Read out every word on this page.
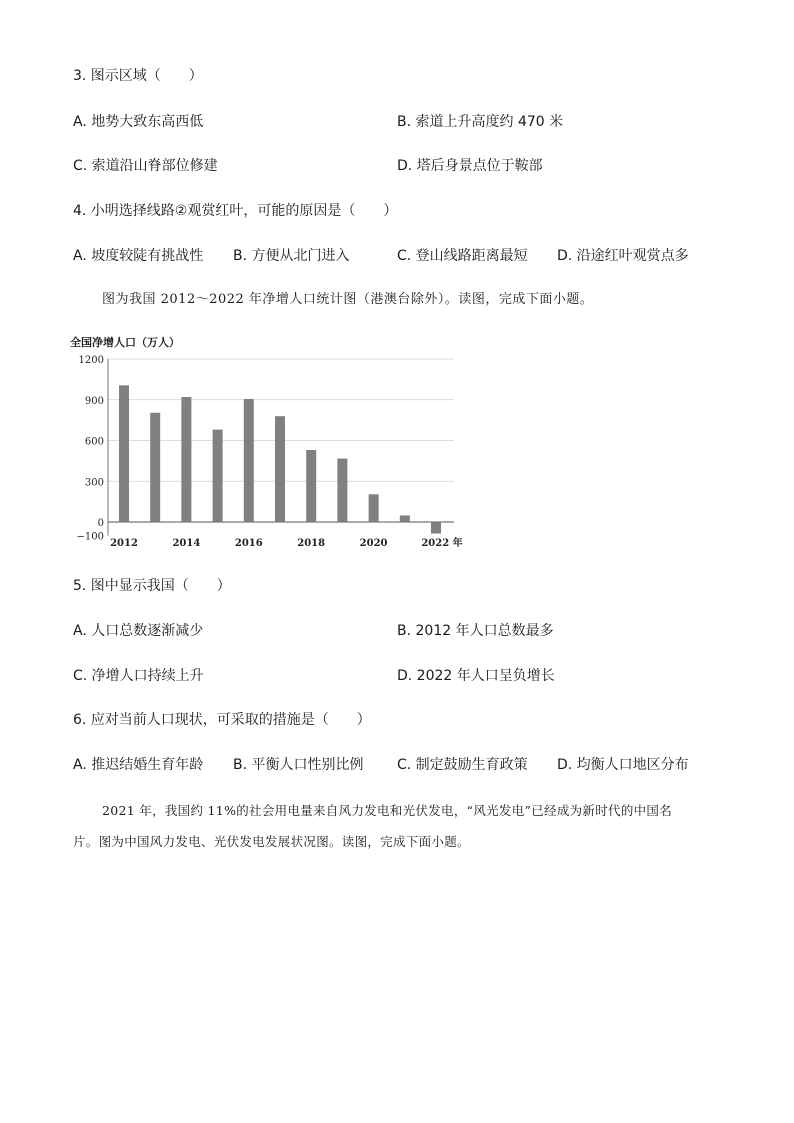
3. 图示区域（　　）
A. 地势大致东高西低	B. 索道上升高度约 470 米
C. 索道沿山脊部位修建	D. 塔后身景点位于鞍部
4. 小明选择线路②观赏红叶，可能的原因是（　　）
A. 坡度较陡有挑战性 B. 方便从北门进入	C. 登山线路距离最短 D. 沿途红叶观赏点多
图为我国 2012～2022 年净增人口统计图（港澳台除外）。读图，完成下面小题。
全国净增人口（万人）
1200
900
600
300
0
−100
2012	2014	2016	2018	2020	2022 年
5. 图中显示我国（　　）
A. 人口总数逐渐减少	B. 2012 年人口总数最多
C. 净增人口持续上升	D. 2022 年人口呈负增长
6. 应对当前人口现状，可采取的措施是（　　）
A. 推迟结婚生育年龄 B. 平衡人口性别比例 C. 制定鼓励生育政策 D. 均衡人口地区分布
2021 年，我国约 11%的社会用电量来自风力发电和光伏发电，“风光发电”已经成为新时代的中国名
片。图为中国风力发电、光伏发电发展状况图。读图，完成下面小题。
